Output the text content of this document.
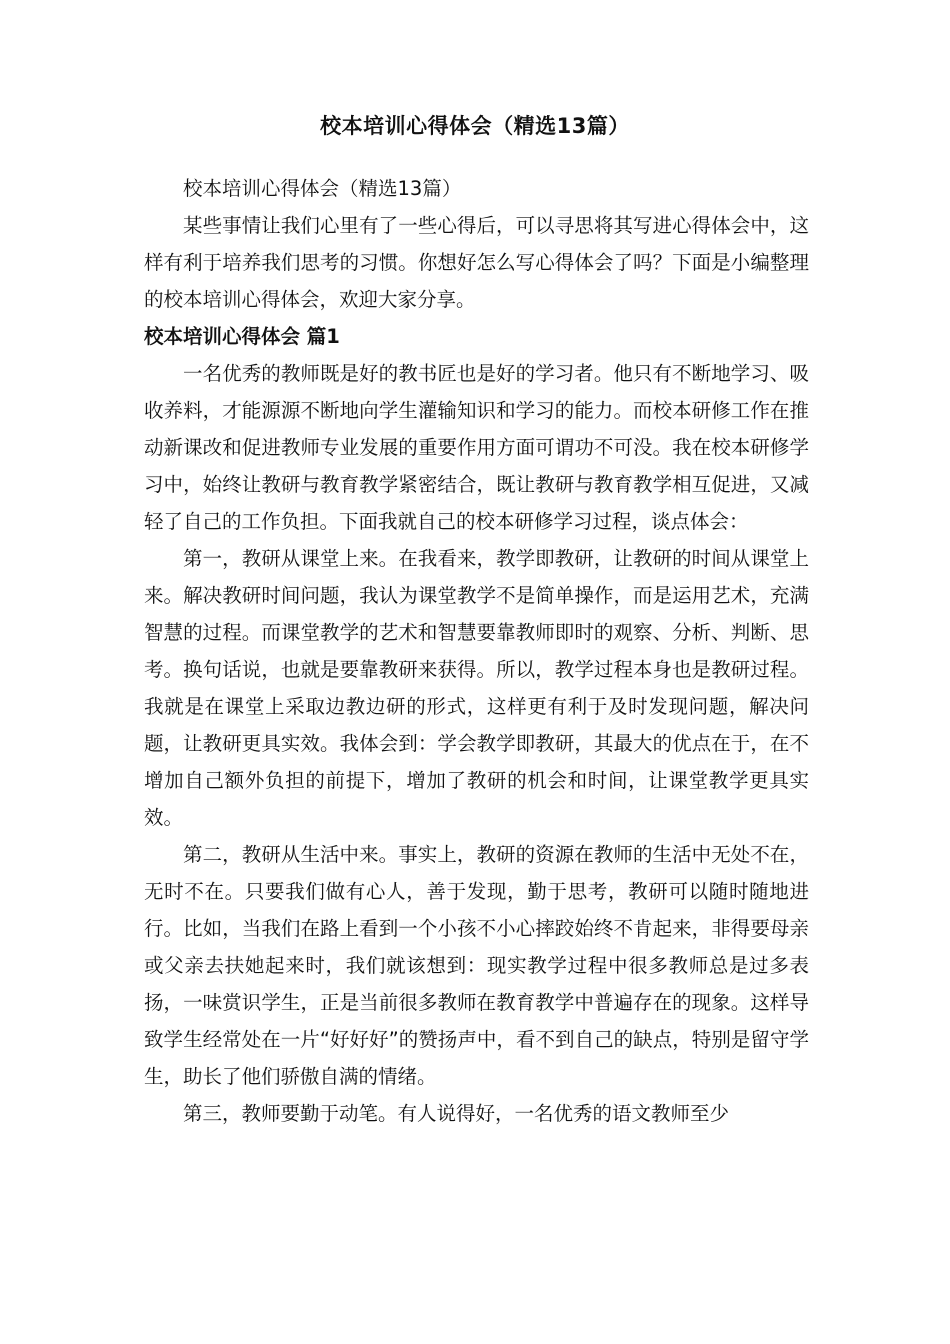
校本培训心得体会（精选13篇）

校本培训心得体会（精选13篇）

某些事情让我们心里有了一些心得后，可以寻思将其写进心得体会中，这样有利于培养我们思考的习惯。你想好怎么写心得体会了吗？下面是小编整理的校本培训心得体会，欢迎大家分享。

校本培训心得体会 篇1

一名优秀的教师既是好的教书匠也是好的学习者。他只有不断地学习、吸收养料，才能源源不断地向学生灌输知识和学习的能力。而校本研修工作在推动新课改和促进教师专业发展的重要作用方面可谓功不可没。我在校本研修学习中，始终让教研与教育教学紧密结合，既让教研与教育教学相互促进，又减轻了自己的工作负担。下面我就自己的校本研修学习过程，谈点体会：

第一，教研从课堂上来。在我看来，教学即教研，让教研的时间从课堂上来。解决教研时间问题，我认为课堂教学不是简单操作，而是运用艺术，充满智慧的过程。而课堂教学的艺术和智慧要靠教师即时的观察、分析、判断、思考。换句话说，也就是要靠教研来获得。所以，教学过程本身也是教研过程。我就是在课堂上采取边教边研的形式，这样更有利于及时发现问题，解决问题，让教研更具实效。我体会到：学会教学即教研，其最大的优点在于，在不增加自己额外负担的前提下，增加了教研的机会和时间，让课堂教学更具实效。

第二，教研从生活中来。事实上，教研的资源在教师的生活中无处不在，无时不在。只要我们做有心人，善于发现，勤于思考，教研可以随时随地进行。比如，当我们在路上看到一个小孩不小心摔跤始终不肯起来，非得要母亲或父亲去扶她起来时，我们就该想到：现实教学过程中很多教师总是过多表扬，一味赏识学生，正是当前很多教师在教育教学中普遍存在的现象。这样导致学生经常处在一片“好好好”的赞扬声中，看不到自己的缺点，特别是留守学生，助长了他们骄傲自满的情绪。

第三，教师要勤于动笔。有人说得好，一名优秀的语文教师至少
